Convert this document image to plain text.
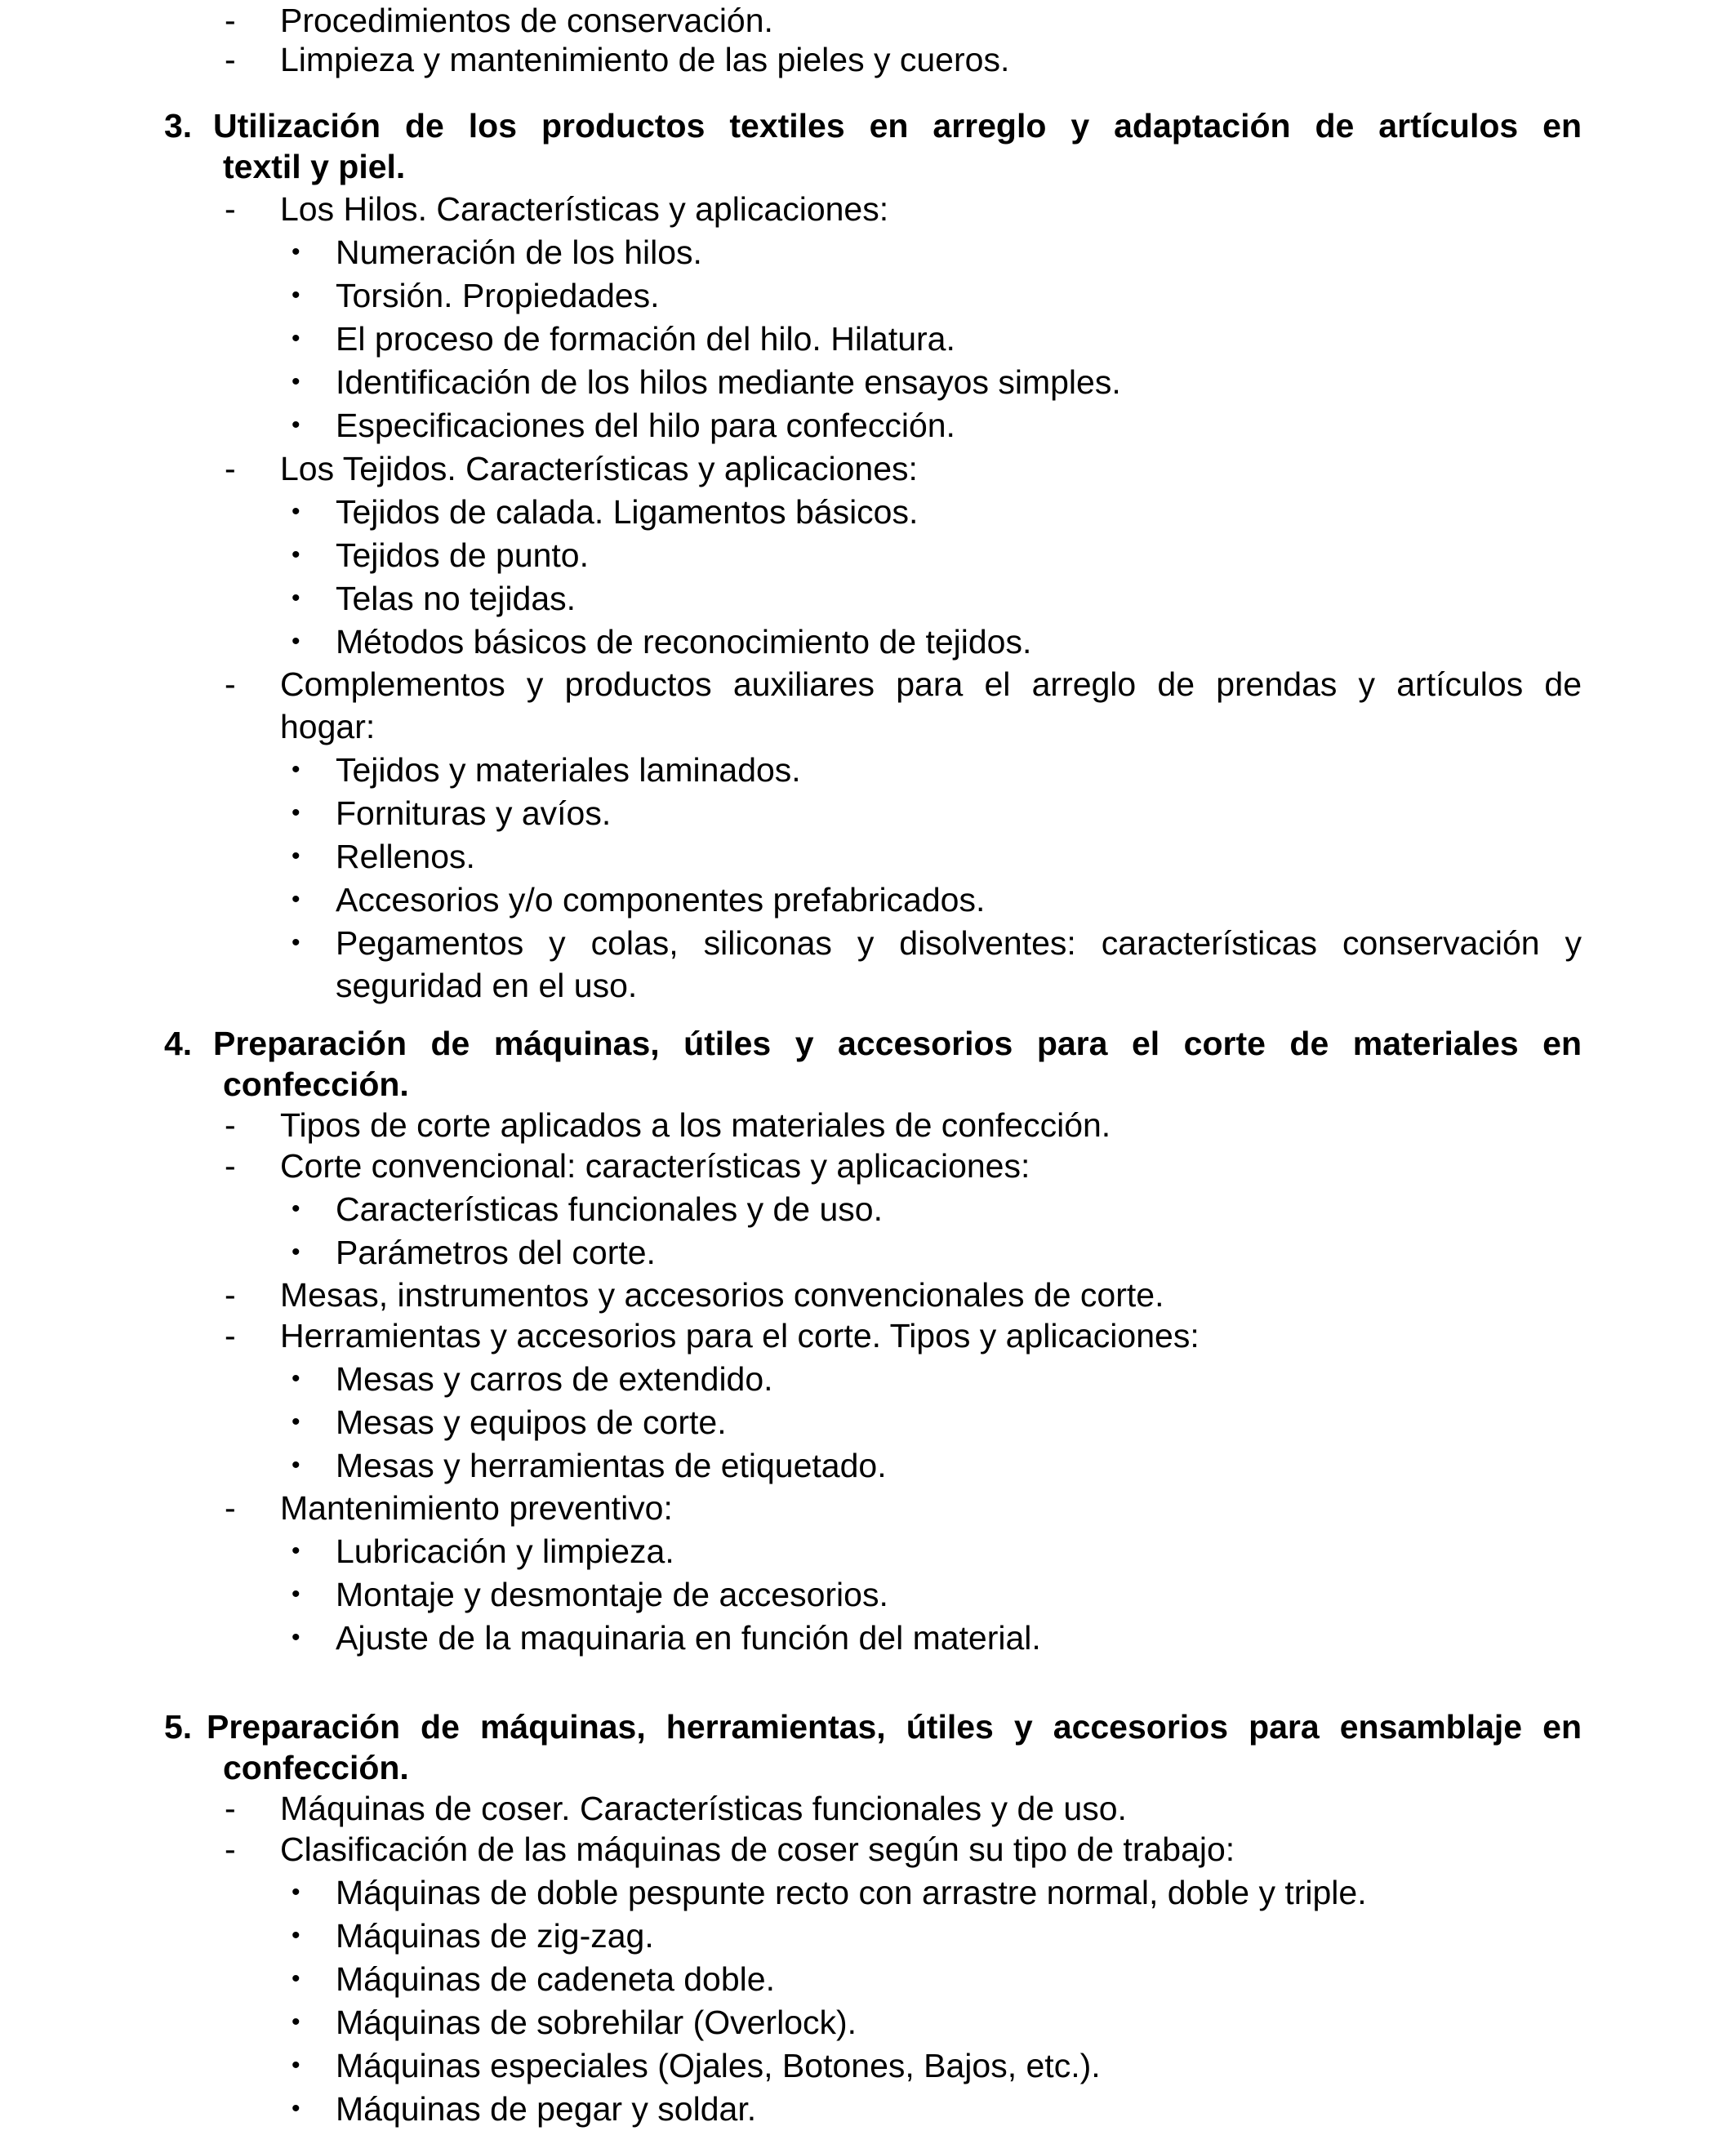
- Procedimientos de conservación.
- Limpieza y mantenimiento de las pieles y cueros.
3. Utilización de los productos textiles en arreglo y adaptación de artículos en
textil y piel.
- Los Hilos. Características y aplicaciones:
• Numeración de los hilos.
• Torsión. Propiedades.
• El proceso de formación del hilo. Hilatura.
• Identificación de los hilos mediante ensayos simples.
• Especificaciones del hilo para confección.
- Los Tejidos. Características y aplicaciones:
• Tejidos de calada. Ligamentos básicos.
• Tejidos de punto.
• Telas no tejidas.
• Métodos básicos de reconocimiento de tejidos.
- Complementos y productos auxiliares para el arreglo de prendas y artículos de
hogar:
• Tejidos y materiales laminados.
• Fornituras y avíos.
• Rellenos.
• Accesorios y/o componentes prefabricados.
• Pegamentos y colas, siliconas y disolventes: características conservación y
seguridad en el uso.
4. Preparación de máquinas, útiles y accesorios para el corte de materiales en
confección.
- Tipos de corte aplicados a los materiales de confección.
- Corte convencional: características y aplicaciones:
• Características funcionales y de uso.
• Parámetros del corte.
- Mesas, instrumentos y accesorios convencionales de corte.
- Herramientas y accesorios para el corte. Tipos y aplicaciones:
• Mesas y carros de extendido.
• Mesas y equipos de corte.
• Mesas y herramientas de etiquetado.
- Mantenimiento preventivo:
• Lubricación y limpieza.
• Montaje y desmontaje de accesorios.
• Ajuste de la maquinaria en función del material.
5. Preparación de máquinas, herramientas, útiles y accesorios para ensamblaje en
confección.
- Máquinas de coser. Características funcionales y de uso.
- Clasificación de las máquinas de coser según su tipo de trabajo:
• Máquinas de doble pespunte recto con arrastre normal, doble y triple.
• Máquinas de zig-zag.
• Máquinas de cadeneta doble.
• Máquinas de sobrehilar (Overlock).
• Máquinas especiales (Ojales, Botones, Bajos, etc.).
• Máquinas de pegar y soldar.
